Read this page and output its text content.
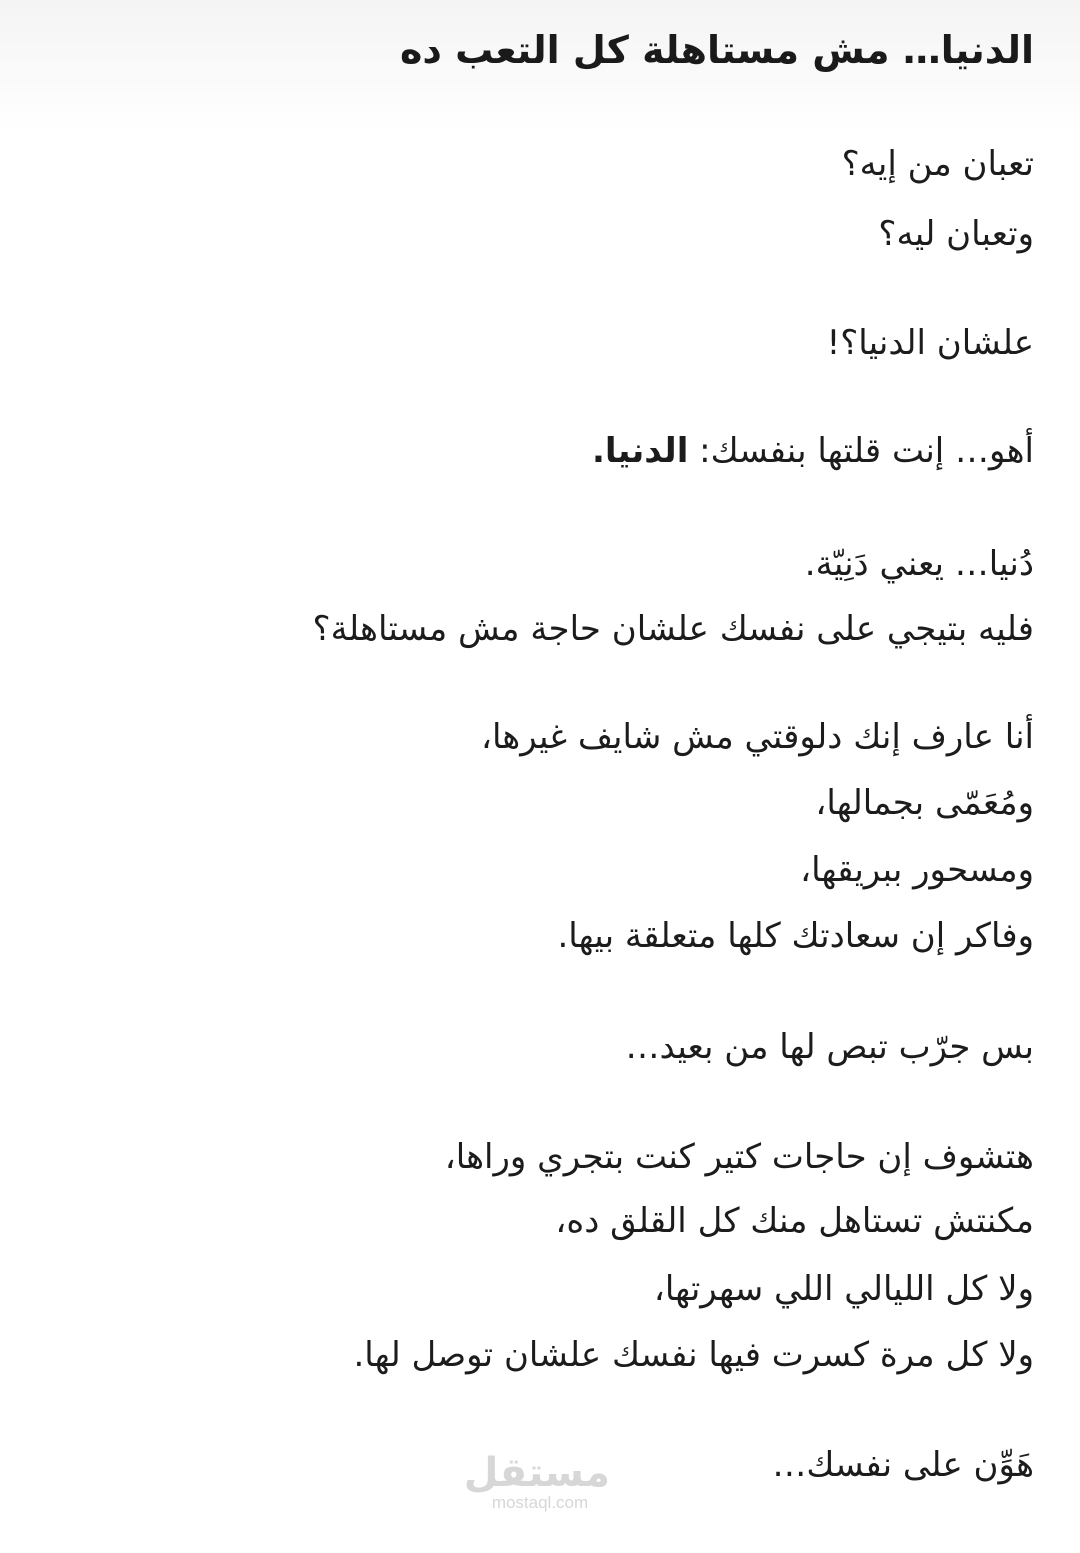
الدنيا… مش مستاهلة كل التعب ده

تعبان من إيه؟

وتعبان ليه؟

علشان الدنيا؟!

أهو… إنت قلتها بنفسك: الدنيا.

دُنيا… يعني دَنِيّة.

فليه بتيجي على نفسك علشان حاجة مش مستاهلة؟

أنا عارف إنك دلوقتي مش شايف غيرها،

ومُعَمّى بجمالها،

ومسحور ببريقها،

وفاكر إن سعادتك كلها متعلقة بيها.

بس جرّب تبص لها من بعيد…

هتشوف إن حاجات كتير كنت بتجري وراها،

مكنتش تستاهل منك كل القلق ده،

ولا كل الليالي اللي سهرتها،

ولا كل مرة كسرت فيها نفسك علشان توصل لها.

هَوِّن على نفسك…

مستقل
mostaql.com
